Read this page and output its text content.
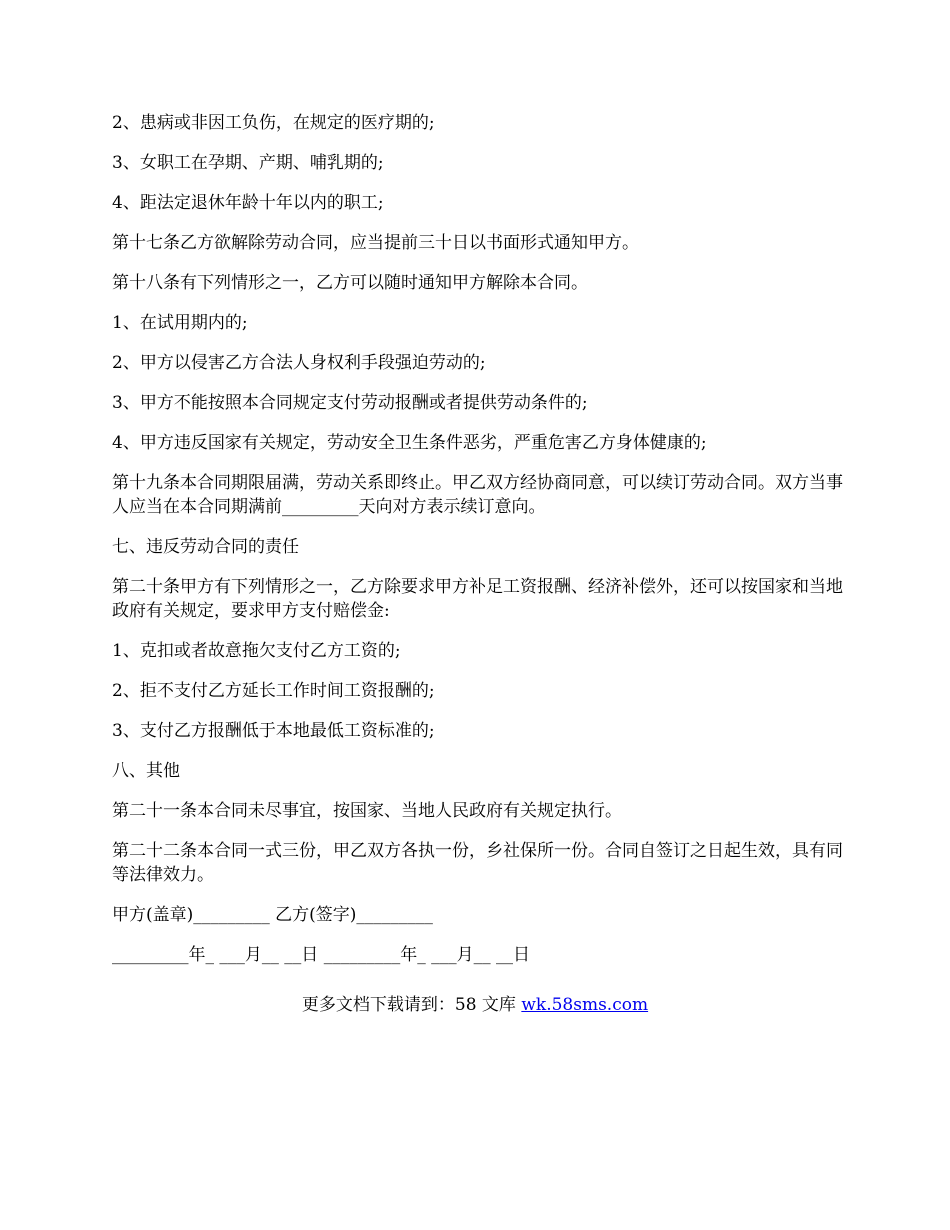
2、患病或非因工负伤，在规定的医疗期的;

3、女职工在孕期、产期、哺乳期的;

4、距法定退休年龄十年以内的职工;

第十七条乙方欲解除劳动合同，应当提前三十日以书面形式通知甲方。

第十八条有下列情形之一，乙方可以随时通知甲方解除本合同。

1、在试用期内的;

2、甲方以侵害乙方合法人身权利手段强迫劳动的;

3、甲方不能按照本合同规定支付劳动报酬或者提供劳动条件的;

4、甲方违反国家有关规定，劳动安全卫生条件恶劣，严重危害乙方身体健康的;

第十九条本合同期限届满，劳动关系即终止。甲乙双方经协商同意，可以续订劳动合同。双方当事人应当在本合同期满前_________天向对方表示续订意向。

七、违反劳动合同的责任

第二十条甲方有下列情形之一，乙方除要求甲方补足工资报酬、经济补偿外，还可以按国家和当地政府有关规定，要求甲方支付赔偿金:

1、克扣或者故意拖欠支付乙方工资的;

2、拒不支付乙方延长工作时间工资报酬的;

3、支付乙方报酬低于本地最低工资标准的;

八、其他

第二十一条本合同未尽事宜，按国家、当地人民政府有关规定执行。

第二十二条本合同一式三份，甲乙双方各执一份，乡社保所一份。合同自签订之日起生效，具有同等法律效力。

甲方(盖章)_________ 乙方(签字)_________

_________年_ ___月__ __日 _________年_ ___月__ __日

更多文档下载请到：58 文库 wk.58sms.com
